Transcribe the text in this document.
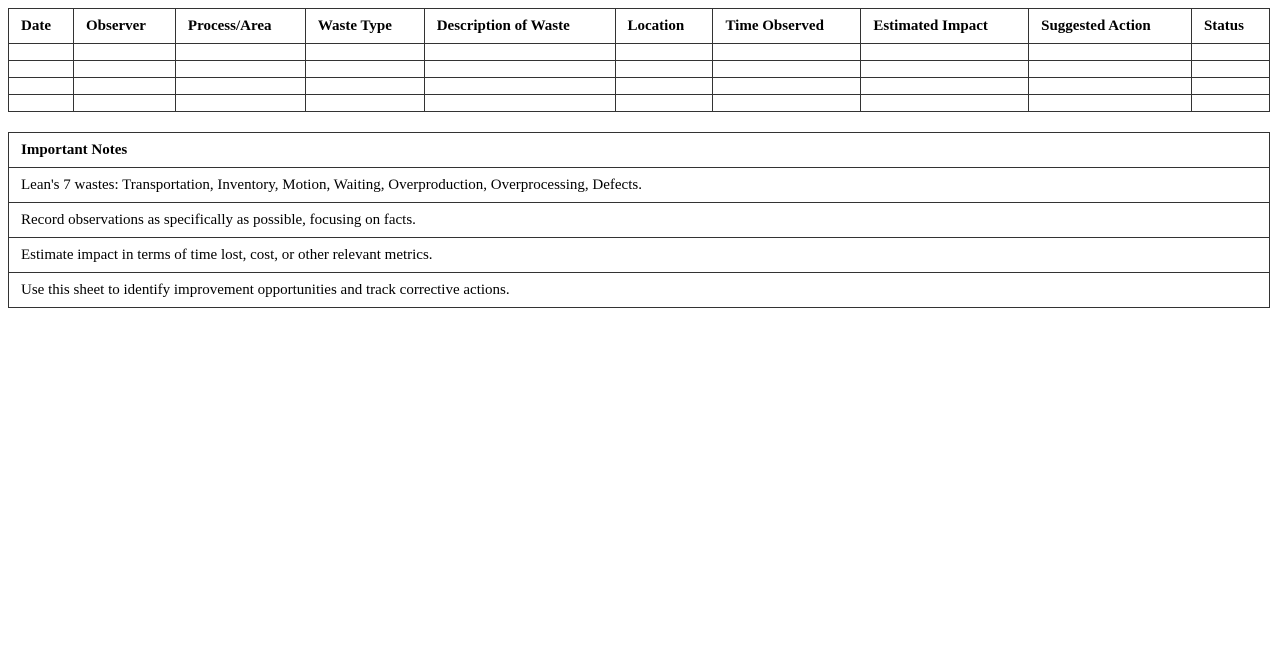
Date	Observer	Process/Area	Waste Type	Description of Waste	Location	Time Observed	Estimated Impact	Suggested Action	Status

Important Notes
Lean's 7 wastes: Transportation, Inventory, Motion, Waiting, Overproduction, Overprocessing, Defects.
Record observations as specifically as possible, focusing on facts.
Estimate impact in terms of time lost, cost, or other relevant metrics.
Use this sheet to identify improvement opportunities and track corrective actions.
